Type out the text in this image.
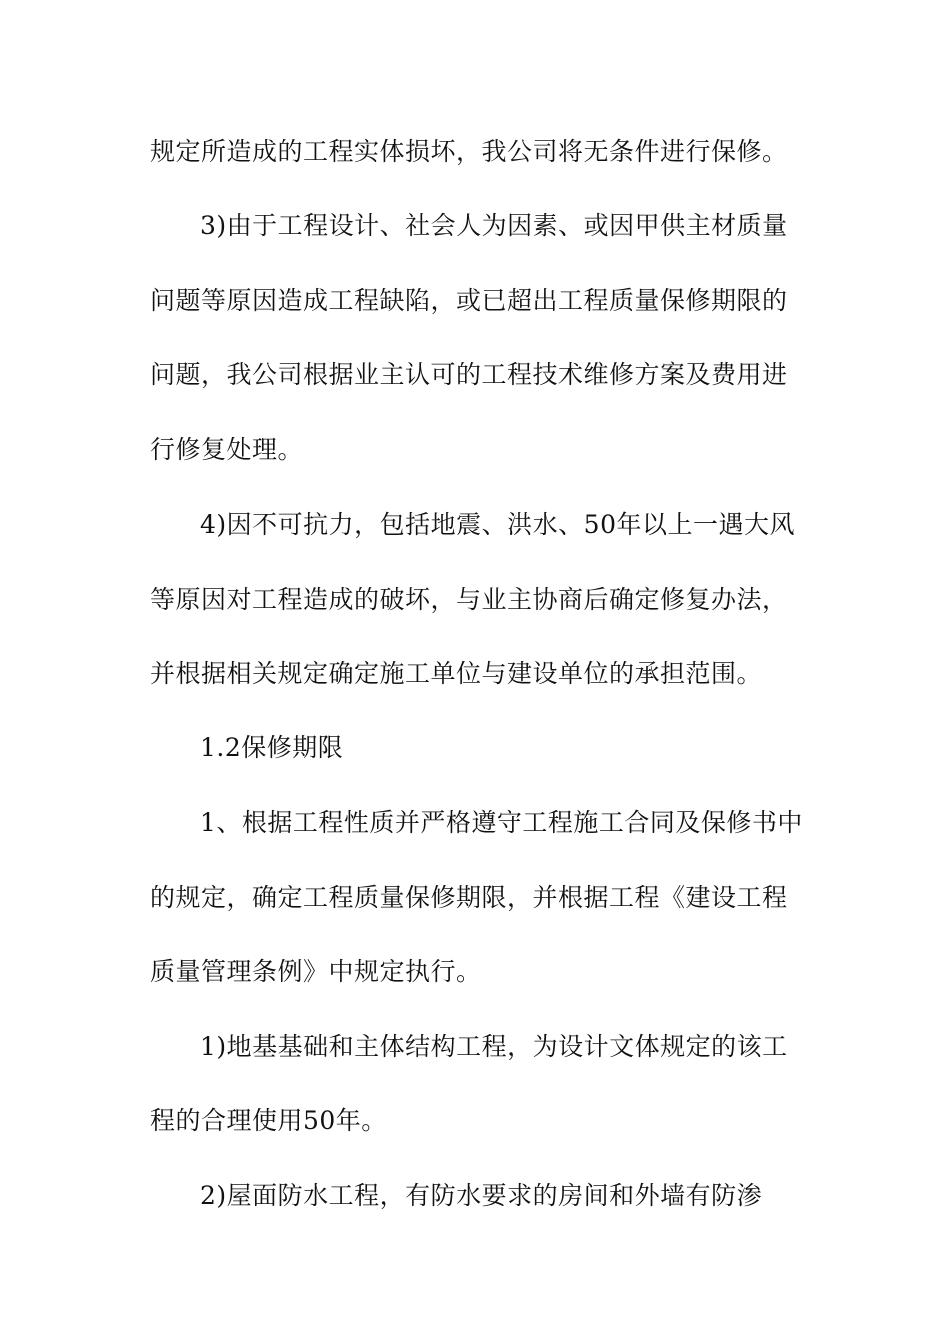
规定所造成的工程实体损坏，我公司将无条件进行保修。
3)由于工程设计、社会人为因素、或因甲供主材质量
问题等原因造成工程缺陷，或已超出工程质量保修期限的
问题，我公司根据业主认可的工程技术维修方案及费用进
行修复处理。
4)因不可抗力，包括地震、洪水、50年以上一遇大风
等原因对工程造成的破坏，与业主协商后确定修复办法，
并根据相关规定确定施工单位与建设单位的承担范围。
1.2保修期限
1、根据工程性质并严格遵守工程施工合同及保修书中
的规定，确定工程质量保修期限，并根据工程《建设工程
质量管理条例》中规定执行。
1)地基基础和主体结构工程，为设计文体规定的该工
程的合理使用50年。
2)屋面防水工程，有防水要求的房间和外墙有防渗
